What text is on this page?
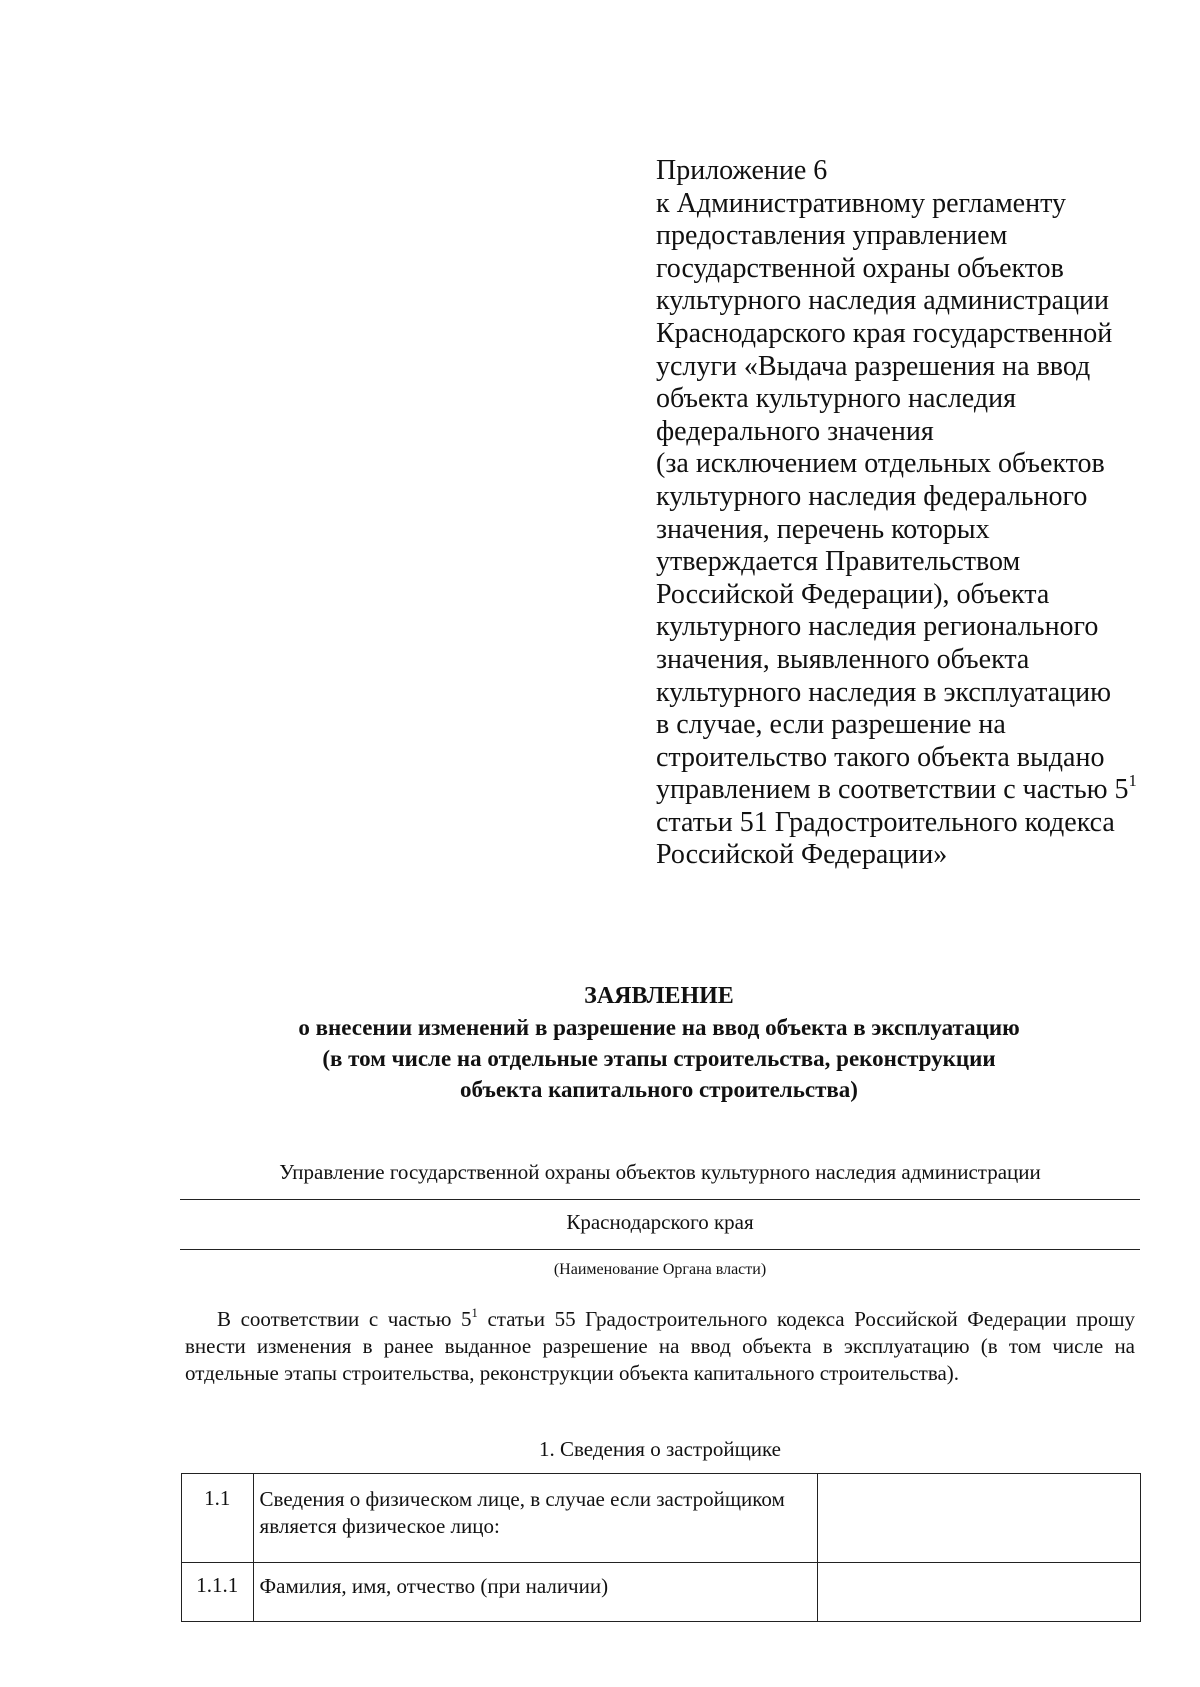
Приложение 6
к Административному регламенту
предоставления управлением
государственной охраны объектов
культурного наследия администрации
Краснодарского края государственной
услуги «Выдача разрешения на ввод
объекта культурного наследия
федерального значения
(за исключением отдельных объектов
культурного наследия федерального
значения, перечень которых
утверждается Правительством
Российской Федерации), объекта
культурного наследия регионального
значения, выявленного объекта
культурного наследия в эксплуатацию
в случае, если разрешение на
строительство такого объекта выдано
управлением в соответствии с частью $5^1$
статьи 51 Градостроительного кодекса
Российской Федерации»
ЗАЯВЛЕНИЕ
о внесении изменений в разрешение на ввод объекта в эксплуатацию
(в том числе на отдельные этапы строительства, реконструкции
объекта капитального строительства)
Управление государственной охраны объектов культурного наследия администрации
Краснодарского края
(Наименование Органа власти)
В соответствии с частью $5^1$ статьи 55 Градостроительного кодекса Российской Федерации прошу внести изменения в ранее выданное разрешение на ввод объекта в эксплуатацию (в том числе на отдельные этапы строительства, реконструкции объекта капитального строительства).
1. Сведения о застройщике
1.1	Сведения о физическом лице, в случае если застройщиком является физическое лицо:	
1.1.1	Фамилия, имя, отчество (при наличии)	
